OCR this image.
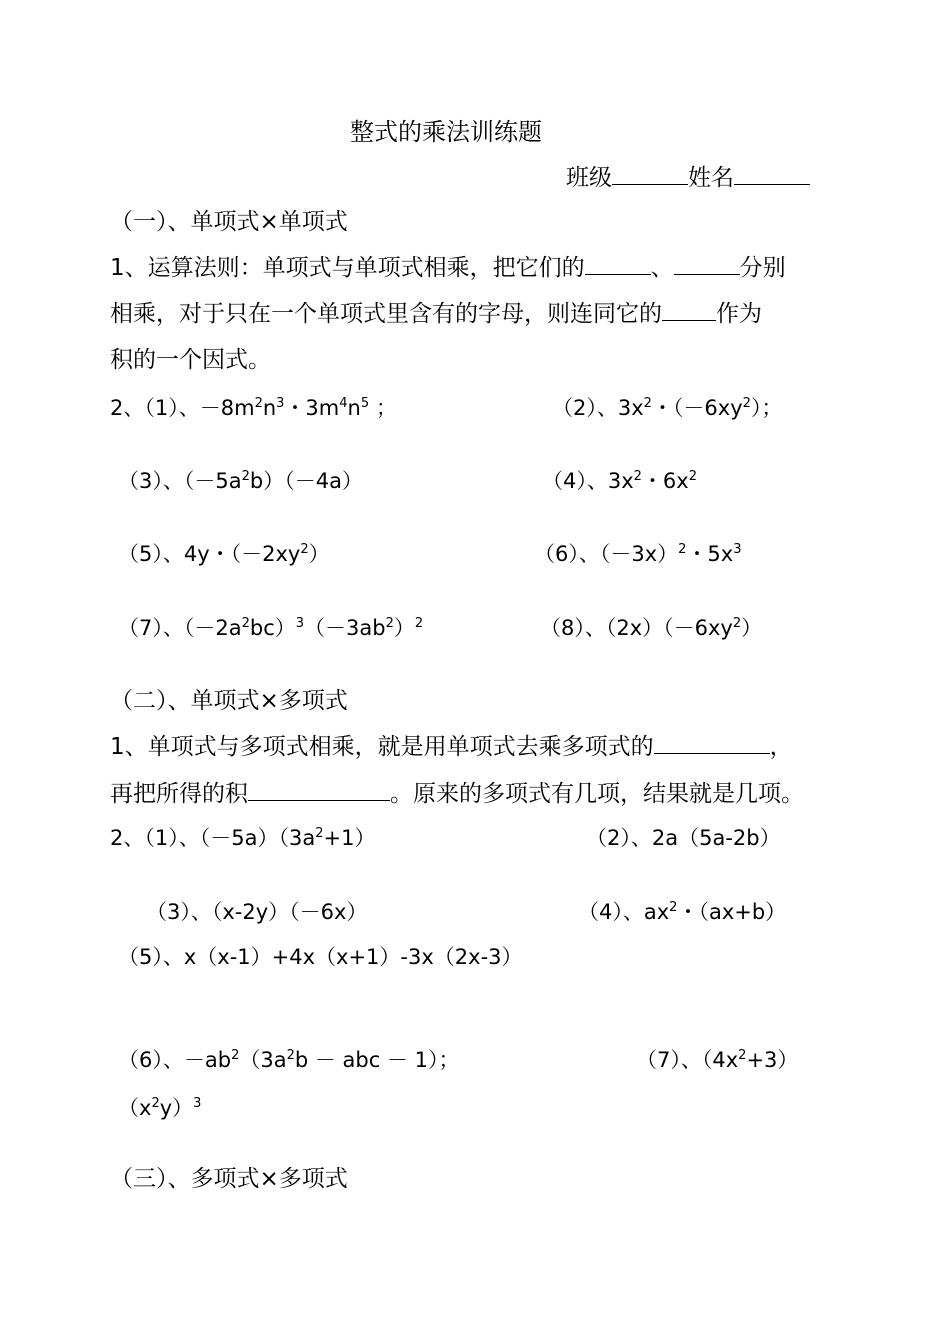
整式的乘法训练题
班级	姓名
（一）、单项式×单项式
1、运算法则：单项式与单项式相乘，把它们的	、	分别
相乘，对于只在一个单项式里含有的字母，则连同它的 作为
积的一个因式。
2、（1）、$-8m^2n^3$・$3m^4n^5$ ；	（2）、$3x^2$・$(-6xy^2)$；
（3）、$(-5a^2b)(-4a)$	（4）、$3x^2$・$6x^2$
（5）、4y・$(-2xy^2)$	（6）、$(-3x)^2$・$5x^3$
（7）、$(-2a^2bc)^3(-3ab^2)^2$	（8）、$(2x)(-6xy^2)$
（二）、单项式×多项式
1、单项式与多项式相乘，就是用单项式去乘多项式的	，
再把所得的积	。原来的多项式有几项，结果就是几项。
2、（1）、$(-5a)(3a^2+1)$	（2）、2a（5a-2b）
（3）、（x-2y）（－6x）	（4）、$ax^2$・（ax+b）
（5）、x（x-1）+4x（x+1）-3x（2x-3）
（6）、$-ab^2(3a^2b$ － abc － 1）；	（7）、$(4x^2+3)$
$(x^2y)^3$
（三）、多项式×多项式
